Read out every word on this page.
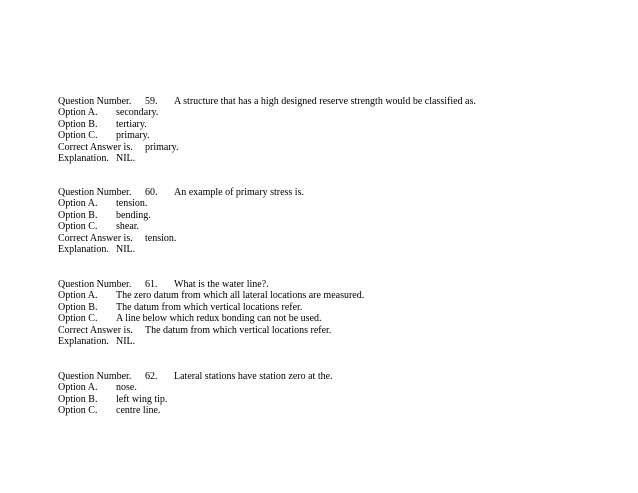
Question Number. 59. A structure that has a high designed reserve strength would be classified as.
Option A. secondary.
Option B. tertiary.
Option C. primary.
Correct Answer is. primary.
Explanation. NIL.
Question Number. 60. An example of primary stress is.
Option A. tension.
Option B. bending.
Option C. shear.
Correct Answer is. tension.
Explanation. NIL.
Question Number. 61. What is the water line?.
Option A. The zero datum from which all lateral locations are measured.
Option B. The datum from which vertical locations refer.
Option C. A line below which redux bonding can not be used.
Correct Answer is. The datum from which vertical locations refer.
Explanation. NIL.
Question Number. 62. Lateral stations have station zero at the.
Option A. nose.
Option B. left wing tip.
Option C. centre line.
